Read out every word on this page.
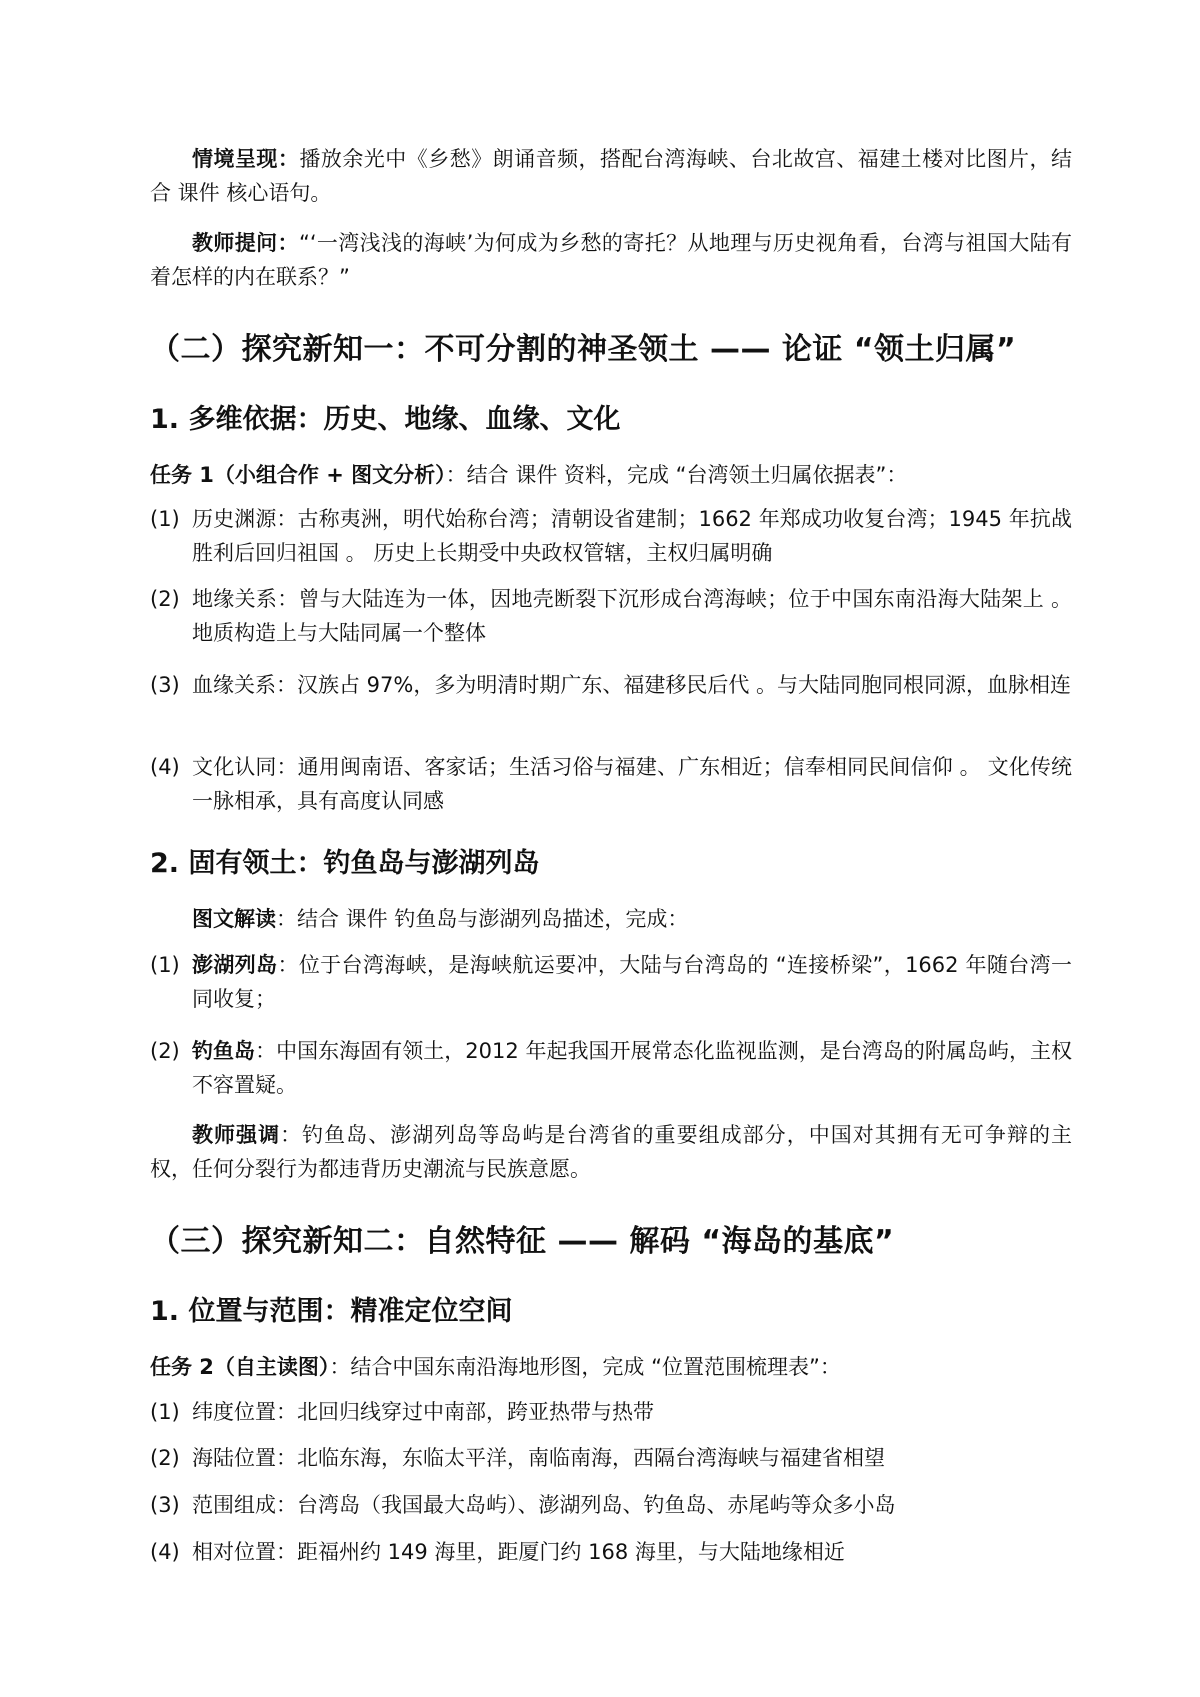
情境呈现：播放余光中《乡愁》朗诵音频，搭配台湾海峡、台北故宫、福建土楼对比图片，结合 课件 核心语句。
教师提问：“‘一湾浅浅的海峡’为何成为乡愁的寄托？从地理与历史视角看，台湾与祖国大陆有着怎样的内在联系？”
（二）探究新知一：不可分割的神圣领土 —— 论证 “领土归属”
1. 多维依据：历史、地缘、血缘、文化
任务 1（小组合作 + 图文分析）：结合 课件 资料，完成 “台湾领土归属依据表”：
(1) 历史渊源：古称夷洲，明代始称台湾；清朝设省建制；1662 年郑成功收复台湾；1945 年抗战胜利后回归祖国 。 历史上长期受中央政权管辖，主权归属明确
(2) 地缘关系：曾与大陆连为一体，因地壳断裂下沉形成台湾海峡；位于中国东南沿海大陆架上 。 地质构造上与大陆同属一个整体
(3) 血缘关系：汉族占 97%，多为明清时期广东、福建移民后代 。与大陆同胞同根同源，血脉相连
(4) 文化认同：通用闽南语、客家话；生活习俗与福建、广东相近；信奉相同民间信仰 。 文化传统一脉相承，具有高度认同感
2. 固有领土：钓鱼岛与澎湖列岛
图文解读：结合 课件 钓鱼岛与澎湖列岛描述，完成：
(1) 澎湖列岛：位于台湾海峡，是海峡航运要冲，大陆与台湾岛的 “连接桥梁”，1662 年随台湾一同收复；
(2) 钓鱼岛：中国东海固有领土，2012 年起我国开展常态化监视监测，是台湾岛的附属岛屿，主权不容置疑。
教师强调：钓鱼岛、澎湖列岛等岛屿是台湾省的重要组成部分，中国对其拥有无可争辩的主权，任何分裂行为都违背历史潮流与民族意愿。
（三）探究新知二：自然特征 —— 解码 “海岛的基底”
1. 位置与范围：精准定位空间
任务 2（自主读图）：结合中国东南沿海地形图，完成 “位置范围梳理表”：
(1) 纬度位置：北回归线穿过中南部，跨亚热带与热带
(2) 海陆位置：北临东海，东临太平洋，南临南海，西隔台湾海峡与福建省相望
(3) 范围组成：台湾岛（我国最大岛屿）、澎湖列岛、钓鱼岛、赤尾屿等众多小岛
(4) 相对位置：距福州约 149 海里，距厦门约 168 海里，与大陆地缘相近
